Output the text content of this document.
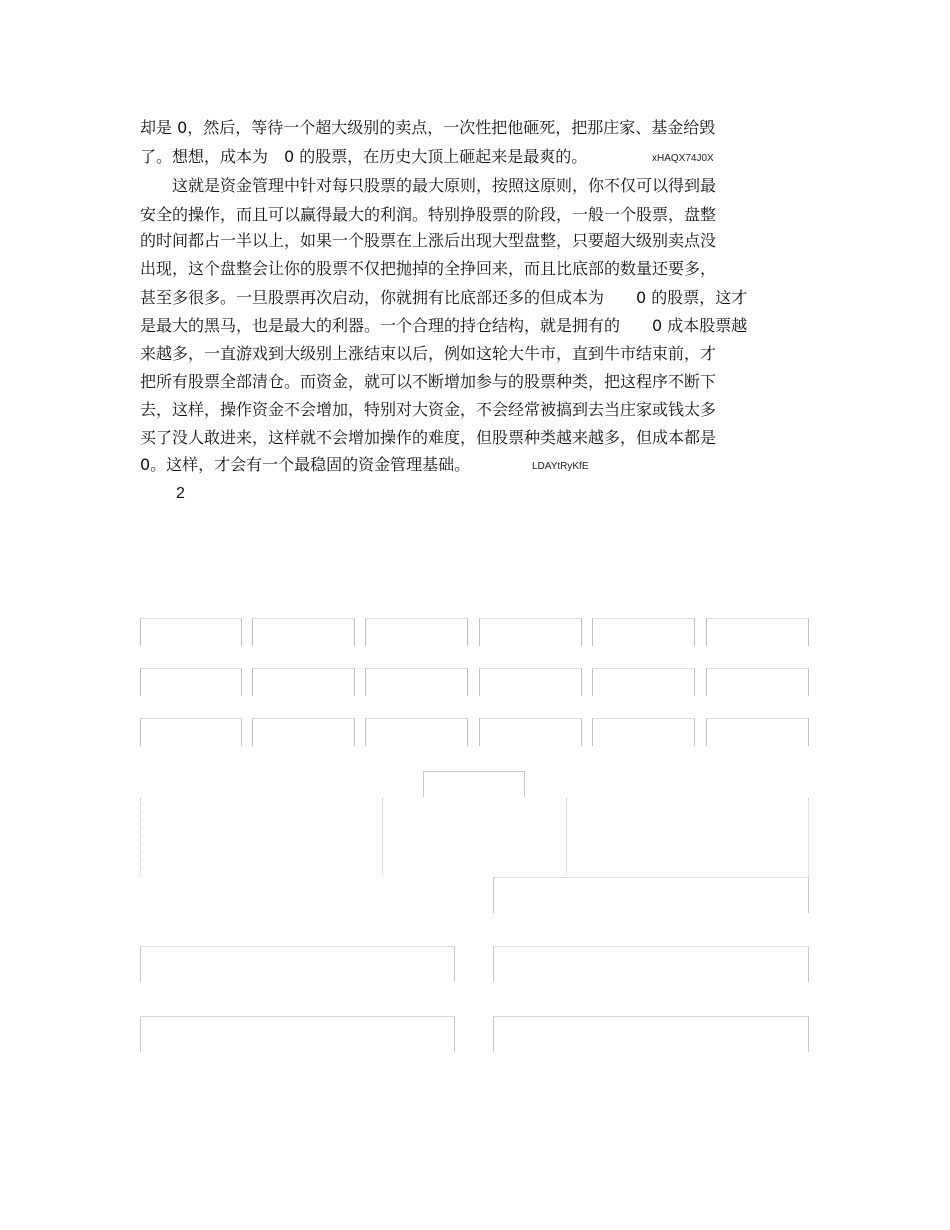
却是 0，然后，等待一个超大级别的卖点，一次性把他砸死，把那庄家、基金给毁
了。想想，成本为　0 的股票，在历史大顶上砸起来是最爽的。	xHAQX74J0X
　　这就是资金管理中针对每只股票的最大原则，按照这原则，你不仅可以得到最
安全的操作，而且可以赢得最大的利润。特别挣股票的阶段，一般一个股票，盘整
的时间都占一半以上，如果一个股票在上涨后出现大型盘整，只要超大级别卖点没
出现，这个盘整会让你的股票不仅把抛掉的全挣回来，而且比底部的数量还要多，
甚至多很多。一旦股票再次启动，你就拥有比底部还多的但成本为　　0 的股票，这才
是最大的黑马，也是最大的利器。一个合理的持仓结构，就是拥有的　　0 成本股票越
来越多，一直游戏到大级别上涨结束以后，例如这轮大牛市，直到牛市结束前，才
把所有股票全部清仓。而资金，就可以不断增加参与的股票种类，把这程序不断下
去，这样，操作资金不会增加，特别对大资金，不会经常被搞到去当庄家或钱太多
买了没人敢进来，这样就不会增加操作的难度，但股票种类越来越多，但成本都是
0。这样，才会有一个最稳固的资金管理基础。	LDAYtRyKfE
2
